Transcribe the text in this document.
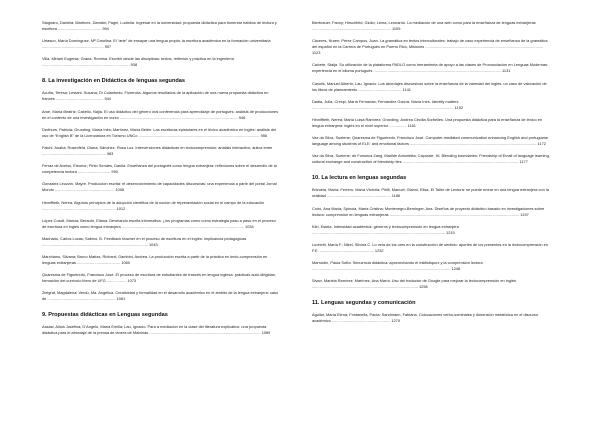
Stagnaro, Daniela; Martínez, Damián; Pagel, Ludmila. Ingresar en la universidad: propuesta didáctica para fomentar hábitos de lectura y escritura ........................................ 994

Urtasun, María Domínguez, Mª Carolina. El “arte” de ensayar una lengua propia: la escritura académica en la formación universitaria ......................................................... 907

Villa, Miriam Eugenia; Grana, Romina. Escribir desde las disciplinas: textos, reflexión y práctica en la ingeniería ................................................................................. 938

8. La investigación en Didáctica de lenguas segundas

Acuña, Teresa; Lestani, Susana; Di Colantonio, Florencia. Algunos resultados de la aplicación de una nueva propuesta didáctica en francés ............................................ 944

Aroe, María Beatriz; Cabello, Nájla. El uso didáctico del género oral conferencia para aprendizaje de portugués: análisis de producciones en el contexto de una investigación en curso ............................................................................................................. 946

Derthurs, Patricia; Grunding, María Inés; Martínez, María Belén. Las escrituras epistolares en el léxico académico en inglés: análisis del uso de “English B” de la Licenciatura en Turismo UNCo ................................................................................................................ 956

Falchi, Analía; Rosenfeld, Diana; Sánchez, Rosa Luz. Intervenciones didácticas en lectocomprensión: análisis interactivo; áulica entre ........................................................... 983

Ferraz de Avelos, Eleonor; Pinto Sendes, Danila. Enseñanza del portugués como lengua extranjera: reflexiones sobre el desarrollo de la competencia lectora .............................. 990

Gonzalez Leuzzin, Mayre. Producción escrita: el desenvolvimiento de capacidades discursivas: una experiencia a partir del portal Jornal Mundo ....................................................... 1006

Hinniffieth, Nerea. Algunos principios de la adopción científica de la noción de representación social en el campo de la educación .................................................................... 1012

López Coscil, Marcia; Berardo, Eliana. Develando escrita informativa: ¿los programas como como estrategia paso a paso en el proceso de escritura en inglés como lengua extranjera ................................................................................................................. 1034

Machado, Carlos Lucas; Sabino, B. Feedback teacher en el proceso de escritura en el inglés: implicancia pedagógicas .................................................................................................. 1043

Marchiano, Silvana; Bruno Matías, Richard; Gambini, Andrea. La producción escrita a partir de la práctica en lecto-comprensión en lenguas extranjeras ........................................ 1060

Quaresma de Figueiredo, Francisco José. El proceso de escritura de estudiantes de francés en lengua inglesa: prácticas auto-dirigidas; formación del currículo lítero de UFG .................. 1073

Zielgraf, Magdalena; Verdú, Ma. Angélica. Creatividad y formalidad en el desarrollo académico en el ámbito de la lengua extranjera: caso de ............................................................... 1081

9. Propuestas didácticas en Lenguas segundas

Assasi, Alicia Josefina; D’Angelo, María Emilia; Lau, Ignacio. Para a mediación en la clase del literatura explicativo: una propuesta didáctica para el abordaje de la prensa de lanera de Malvinas ....................................................................................................... 1089

Bierbrauer, Fanny; Hirschfeld, Giulio; Lema, Leonardo. La mediación de una web como para la enseñanza de lenguas extranjeras ......................................................................... 1109

Cáceres, Nuren; Pérez Campos, Juan. La gramática en textos interculturales: trabajo de caso experiencia de enseñanza de la gramática del español en la Carrera de Portugués en Puerto Ricó, Misiones ............................................................................................................. 1123

Calvete, Stalja. Su utilización de la plataforma PADLO como herramienta de apoyo a las clases de Pronunciación en Lenguas Modernas: experiencia en el idioma portugués ...................................................................................................................... 1131

Casolis, Manuel Alberto; Lau, Ignacio. Los abordajes discursivos sobre la enseñanza de la variedad del inglés: un caso de valoración de los libros de planeamiento ........................................ 1141

Dadia, Julia; Crespi, María Fernanda; Fernández García, María Inés. Identity matters ................................................................................................................................... 1152

Hinniffieth, Nerea; María Luisa Ramírez; Grunding, Andrea Cecilia Sorbelles. Una propuesta didáctica para la enseñanza de léxico en lengua extranjera: inglés en el nivel superior ................ 1161

Vaz da Silva, Suelene; Quaresma de Figueiredo, Francisco José. Computer-mediated communication enhancing English and portuguese language among students of ELE: and emotional factors ..................................................................................................................... 1172

Vaz da Silva, Suelene; de Fonseca Zang, Marilde Antonietta; Caporale, Hi. Blending boundaries: Friendship of Email of language learning, cultural exchange and construction of friendship ties ........................................................................................................... 1177

10. La lectura en lenguas segundas

Brizuela, María; Ferrero, María Victoria; Pirilli, Manuel; Gianni, Elisa. El Taller de Lectura: se puede entrar en una lengua extranjera con la oralidad ........................................................... 1186

Coiro, Ana María; Spinola, María Cristina; Montenegro-Berninger, Ana. Diseños de proyecto didáctico basado en investigaciones sobre lectura: comprensión en lenguas extranjeras ........................................................................................................................ 1197

Kiirl, Estela. Intensidad académica: géneros y lectocomprensión en lengua extranjera ........................................................................................................................... 1215

Luchetti, María F.; Nikel, Silvina C. Lo veía de los ores en la construcción de sentido: aportes de los presentes en la lectocomprensión en F.E. .................................................. 1232

Marroidin, Paula Sofía. Secuencia didáctica: aprovechando el estilistiquez y la comprensión lectora ................................................................................................................................ 1248

Sivan, Mariela Ramírez; Martínez, Ana María. Uso del traductor de Google para mejorar la lectocomprensión en inglés .................................................................................................. 1256

11. Lenguas segundas y comunicación

Aguilar, María Elena; Fontanella, Paula; Sandmann, Fabiana. Colocaciones verbo-sominales y dimensión metafórica en el discurso académico ...................................................... 1270
